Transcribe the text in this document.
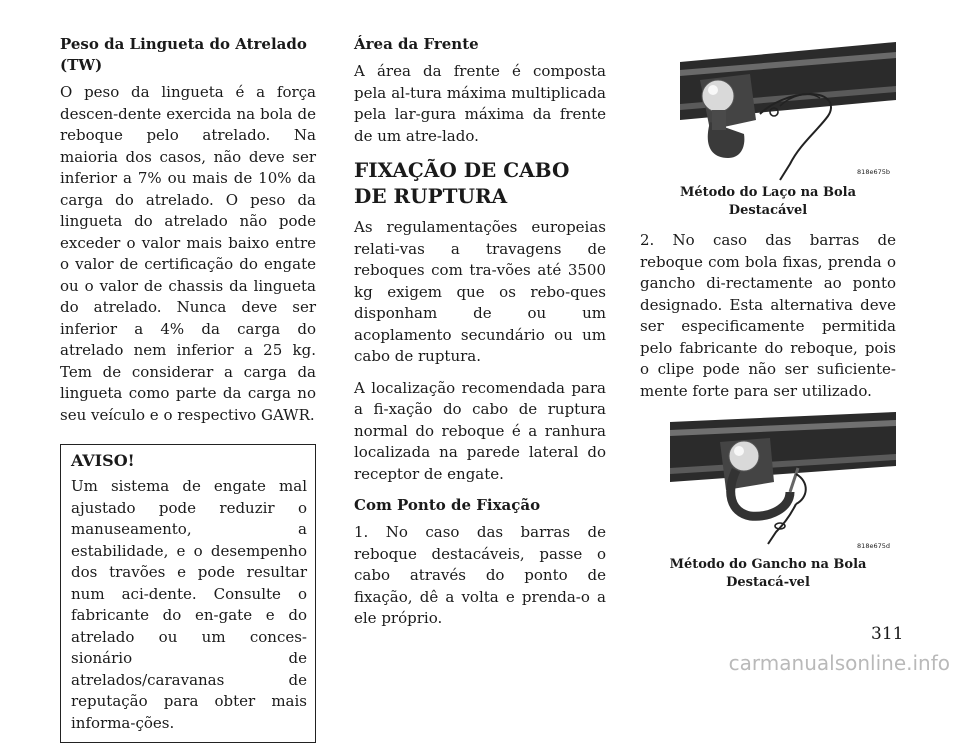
Peso da Lingueta do Atrelado (TW)

O peso da lingueta é a força descen-dente exercida na bola de reboque pelo atrelado. Na maioria dos casos, não deve ser inferior a 7% ou mais de 10% da carga do atrelado. O peso da lingueta do atrelado não pode exceder o valor mais baixo entre o valor de certificação do engate ou o valor de chassis da lingueta do atrelado. Nunca deve ser inferior a 4% da carga do atrelado nem inferior a 25 kg. Tem de considerar a carga da lingueta como parte da carga no seu veículo e o respectivo GAWR.

AVISO!

Um sistema de engate mal ajustado pode reduzir o manuseamento, a estabilidade, e o desempenho dos travões e pode resultar num aci-dente. Consulte o fabricante do en-gate e do atrelado ou um conces-sionário de atrelados/caravanas de reputação para obter mais informa-ções.

Área da Frente

A área da frente é composta pela al-tura máxima multiplicada pela lar-gura máxima da frente de um atre-lado.

FIXAÇÃO DE CABO DE RUPTURA

As regulamentações europeias relati-vas a travagens de reboques com tra-vões até 3500 kg exigem que os rebo-ques disponham de ou um acoplamento secundário ou um cabo de ruptura.

A localização recomendada para a fi-xação do cabo de ruptura normal do reboque é a ranhura localizada na parede lateral do receptor de engate.

Com Ponto de Fixação

1. No caso das barras de reboque destacáveis, passe o cabo através do ponto de fixação, dê a volta e prenda-o a ele próprio.

818e675b
Método do Laço na Bola Destacável

2. No caso das barras de reboque com bola fixas, prenda o gancho di-rectamente ao ponto designado. Esta alternativa deve ser especificamente permitida pelo fabricante do reboque, pois o clipe pode não ser suficiente-mente forte para ser utilizado.

818e675d
Método do Gancho na Bola Destacá-vel
311
carmanualsonline.info
